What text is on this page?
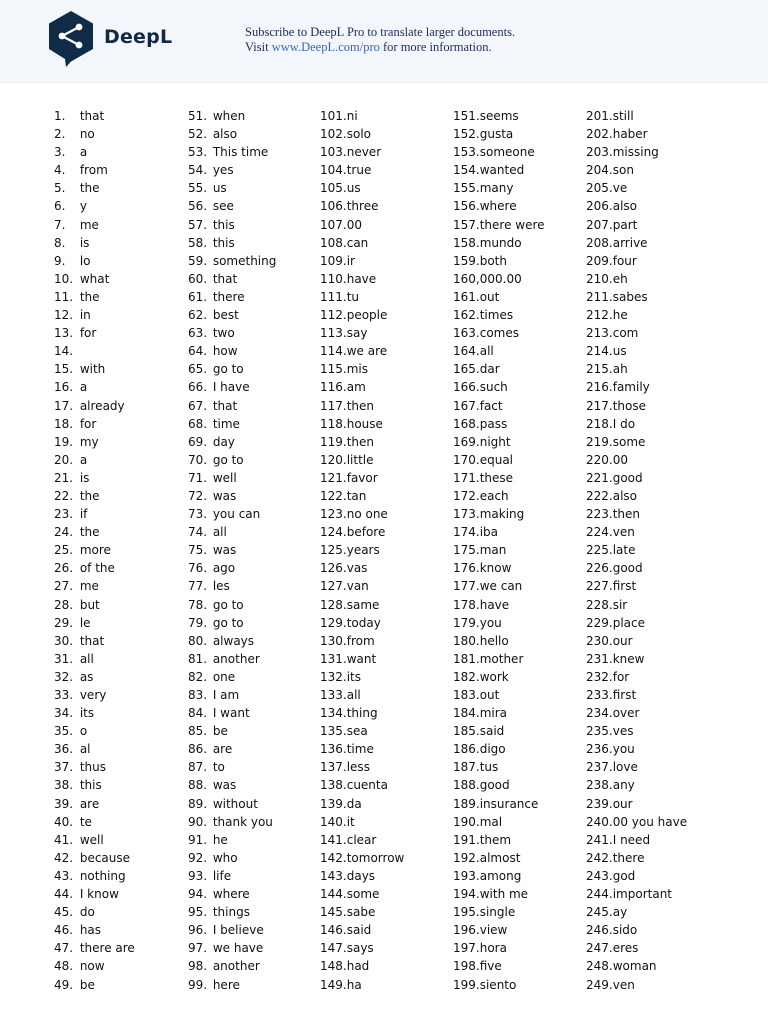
DeepL	Subscribe to DeepL Pro to translate larger documents.
Visit www.DeepL.com/pro for more information.
1. that
2. no
3. a
4. from
5. the
6. y
7. me
8. is
9. lo
10. what
11. the
12. in
13. for
14.
15. with
16. a
17. already
18. for
19. my
20. a
21. is
22. the
23. if
24. the
25. more
26. of the
27. me
28. but
29. le
30. that
31. all
32. as
33. very
34. its
35. o
36. al
37. thus
38. this
39. are
40. te
41. well
42. because
43. nothing
44. I know
45. do
46. has
47. there are
48. now
49. be
51. when
52. also
53. This time
54. yes
55. us
56. see
57. this
58. this
59. something
60. that
61. there
62. best
63. two
64. how
65. go to
66. I have
67. that
68. time
69. day
70. go to
71. well
72. was
73. you can
74. all
75. was
76. ago
77. les
78. go to
79. go to
80. always
81. another
82. one
83. I am
84. I want
85. be
86. are
87. to
88. was
89. without
90. thank you
91. he
92. who
93. life
94. where
95. things
96. I believe
97. we have
98. another
99. here
101.ni
102.solo
103.never
104.true
105.us
106.three
107.00
108.can
109.ir
110.have
111.tu
112.people
113.say
114.we are
115.mis
116.am
117.then
118.house
119.then
120.little
121.favor
122.tan
123.no one
124.before
125.years
126.vas
127.van
128.same
129.today
130.from
131.want
132.its
133.all
134.thing
135.sea
136.time
137.less
138.cuenta
139.da
140.it
141.clear
142.tomorrow
143.days
144.some
145.sabe
146.said
147.says
148.had
149.ha
151.seems
152.gusta
153.someone
154.wanted
155.many
156.where
157.there were
158.mundo
159.both
160,000.00
161.out
162.times
163.comes
164.all
165.dar
166.such
167.fact
168.pass
169.night
170.equal
171.these
172.each
173.making
174.iba
175.man
176.know
177.we can
178.have
179.you
180.hello
181.mother
182.work
183.out
184.mira
185.said
186.digo
187.tus
188.good
189.insurance
190.mal
191.them
192.almost
193.among
194.with me
195.single
196.view
197.hora
198.five
199.siento
201.still
202.haber
203.missing
204.son
205.ve
206.also
207.part
208.arrive
209.four
210.eh
211.sabes
212.he
213.com
214.us
215.ah
216.family
217.those
218.I do
219.some
220.00
221.good
222.also
223.then
224.ven
225.late
226.good
227.first
228.sir
229.place
230.our
231.knew
232.for
233.first
234.over
235.ves
236.you
237.love
238.any
239.our
240.00 you have
241.I need
242.there
243.god
244.important
245.ay
246.sido
247.eres
248.woman
249.ven
